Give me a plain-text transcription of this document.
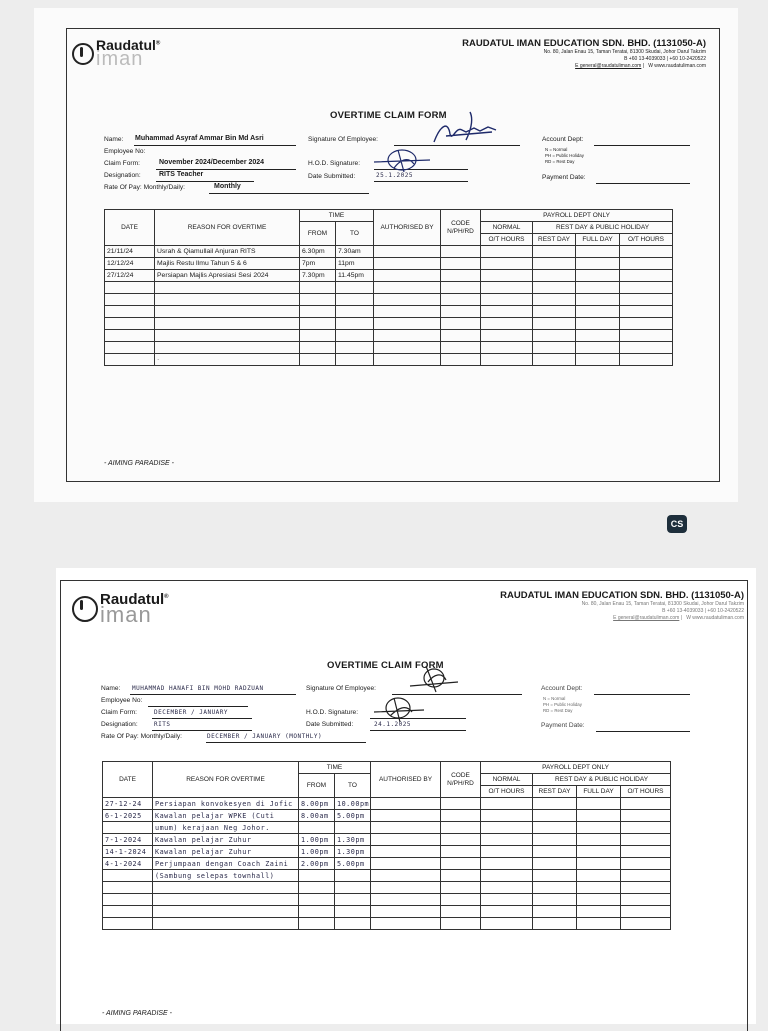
Raudatul®
iman
RAUDATUL IMAN EDUCATION SDN. BHD. (1131050-A)
No. 80, Jalan Enau 15, Taman Teratai, 81300 Skudai, Johor Darul Takzim
B +60 13-4039033 | +60 10-2420522
E general@raudatuliman.com |   W www.raudatuliman.com
OVERTIME CLAIM FORM
Name: Muhammad Asyraf Ammar Bin Md Asri
Employee No:
Claim Form:	November 2024/December 2024
Designation:	RITS Teacher
Rate Of Pay: Monthly/Daily:	Monthly
Signature Of Employee:
H.O.D. Signature:
Date Submitted:	25.1.2025
Account Dept:
N = Normal
PH = Public Holiday
RD = Rest Day
Payment Date:
DATE	REASON FOR OVERTIME	TIME		AUTHORISED BY	CODE N/PH/RD	PAYROLL DEPT ONLY			
		FROM	TO			NORMAL	REST DAY & PUBLIC HOLIDAY		
						O/T HOURS	REST DAY	FULL DAY	O/T HOURS
21/11/24	Usrah & Qiamullail Anjuran RITS	6.30pm	7.30am						
12/12/24	Majlis Restu Ilmu Tahun 5 & 6	7pm	11pm						
27/12/24	Persiapan Majlis Apresiasi Sesi 2024	7.30pm	11.45pm						

	·								
- AIMING PARADISE -
CS
Raudatul®
iman
RAUDATUL IMAN EDUCATION SDN. BHD. (1131050-A)
No. 80, Jalan Enau 15, Taman Teratai, 81300 Skudai, Johor Darul Takzim
B +60 13-4039033 | +60 10-2420522
E general@raudatuliman.com |   W www.raudatuliman.com
OVERTIME CLAIM FORM
Name: MUHAMMAD HANAFI BIN MOHD RADZUAN
Employee No:
Claim Form:	DECEMBER / JANUARY
Designation:	RITS
Rate Of Pay: Monthly/Daily:	DECEMBER / JANUARY (MONTHLY)
Signature Of Employee:
H.O.D. Signature:
Date Submitted:	24.1.2025
Account Dept:
N = Normal
PH = Public Holiday
RD = Rest Day
Payment Date:
DATE	REASON FOR OVERTIME	TIME		AUTHORISED BY	CODE N/PH/RD	PAYROLL DEPT ONLY			
		FROM	TO			NORMAL	REST DAY & PUBLIC HOLIDAY		
						O/T HOURS	REST DAY	FULL DAY	O/T HOURS
27-12-24	Persiapan konvokesyen di Jofic	8.00pm	10.00pm						
6-1-2025	Kawalan pelajar WPKE (Cuti	8.00am	5.00pm						
	umum) kerajaan Neg Johor.								
7-1-2024	Kawalan pelajar Zuhur	1.00pm	1.30pm						
14-1-2024	Kawalan pelajar Zuhur	1.00pm	1.30pm						
4-1-2024	Perjumpaan dengan Coach Zaini	2.00pm	5.00pm						
	(Sambung selepas townhall)								

- AIMING PARADISE -
